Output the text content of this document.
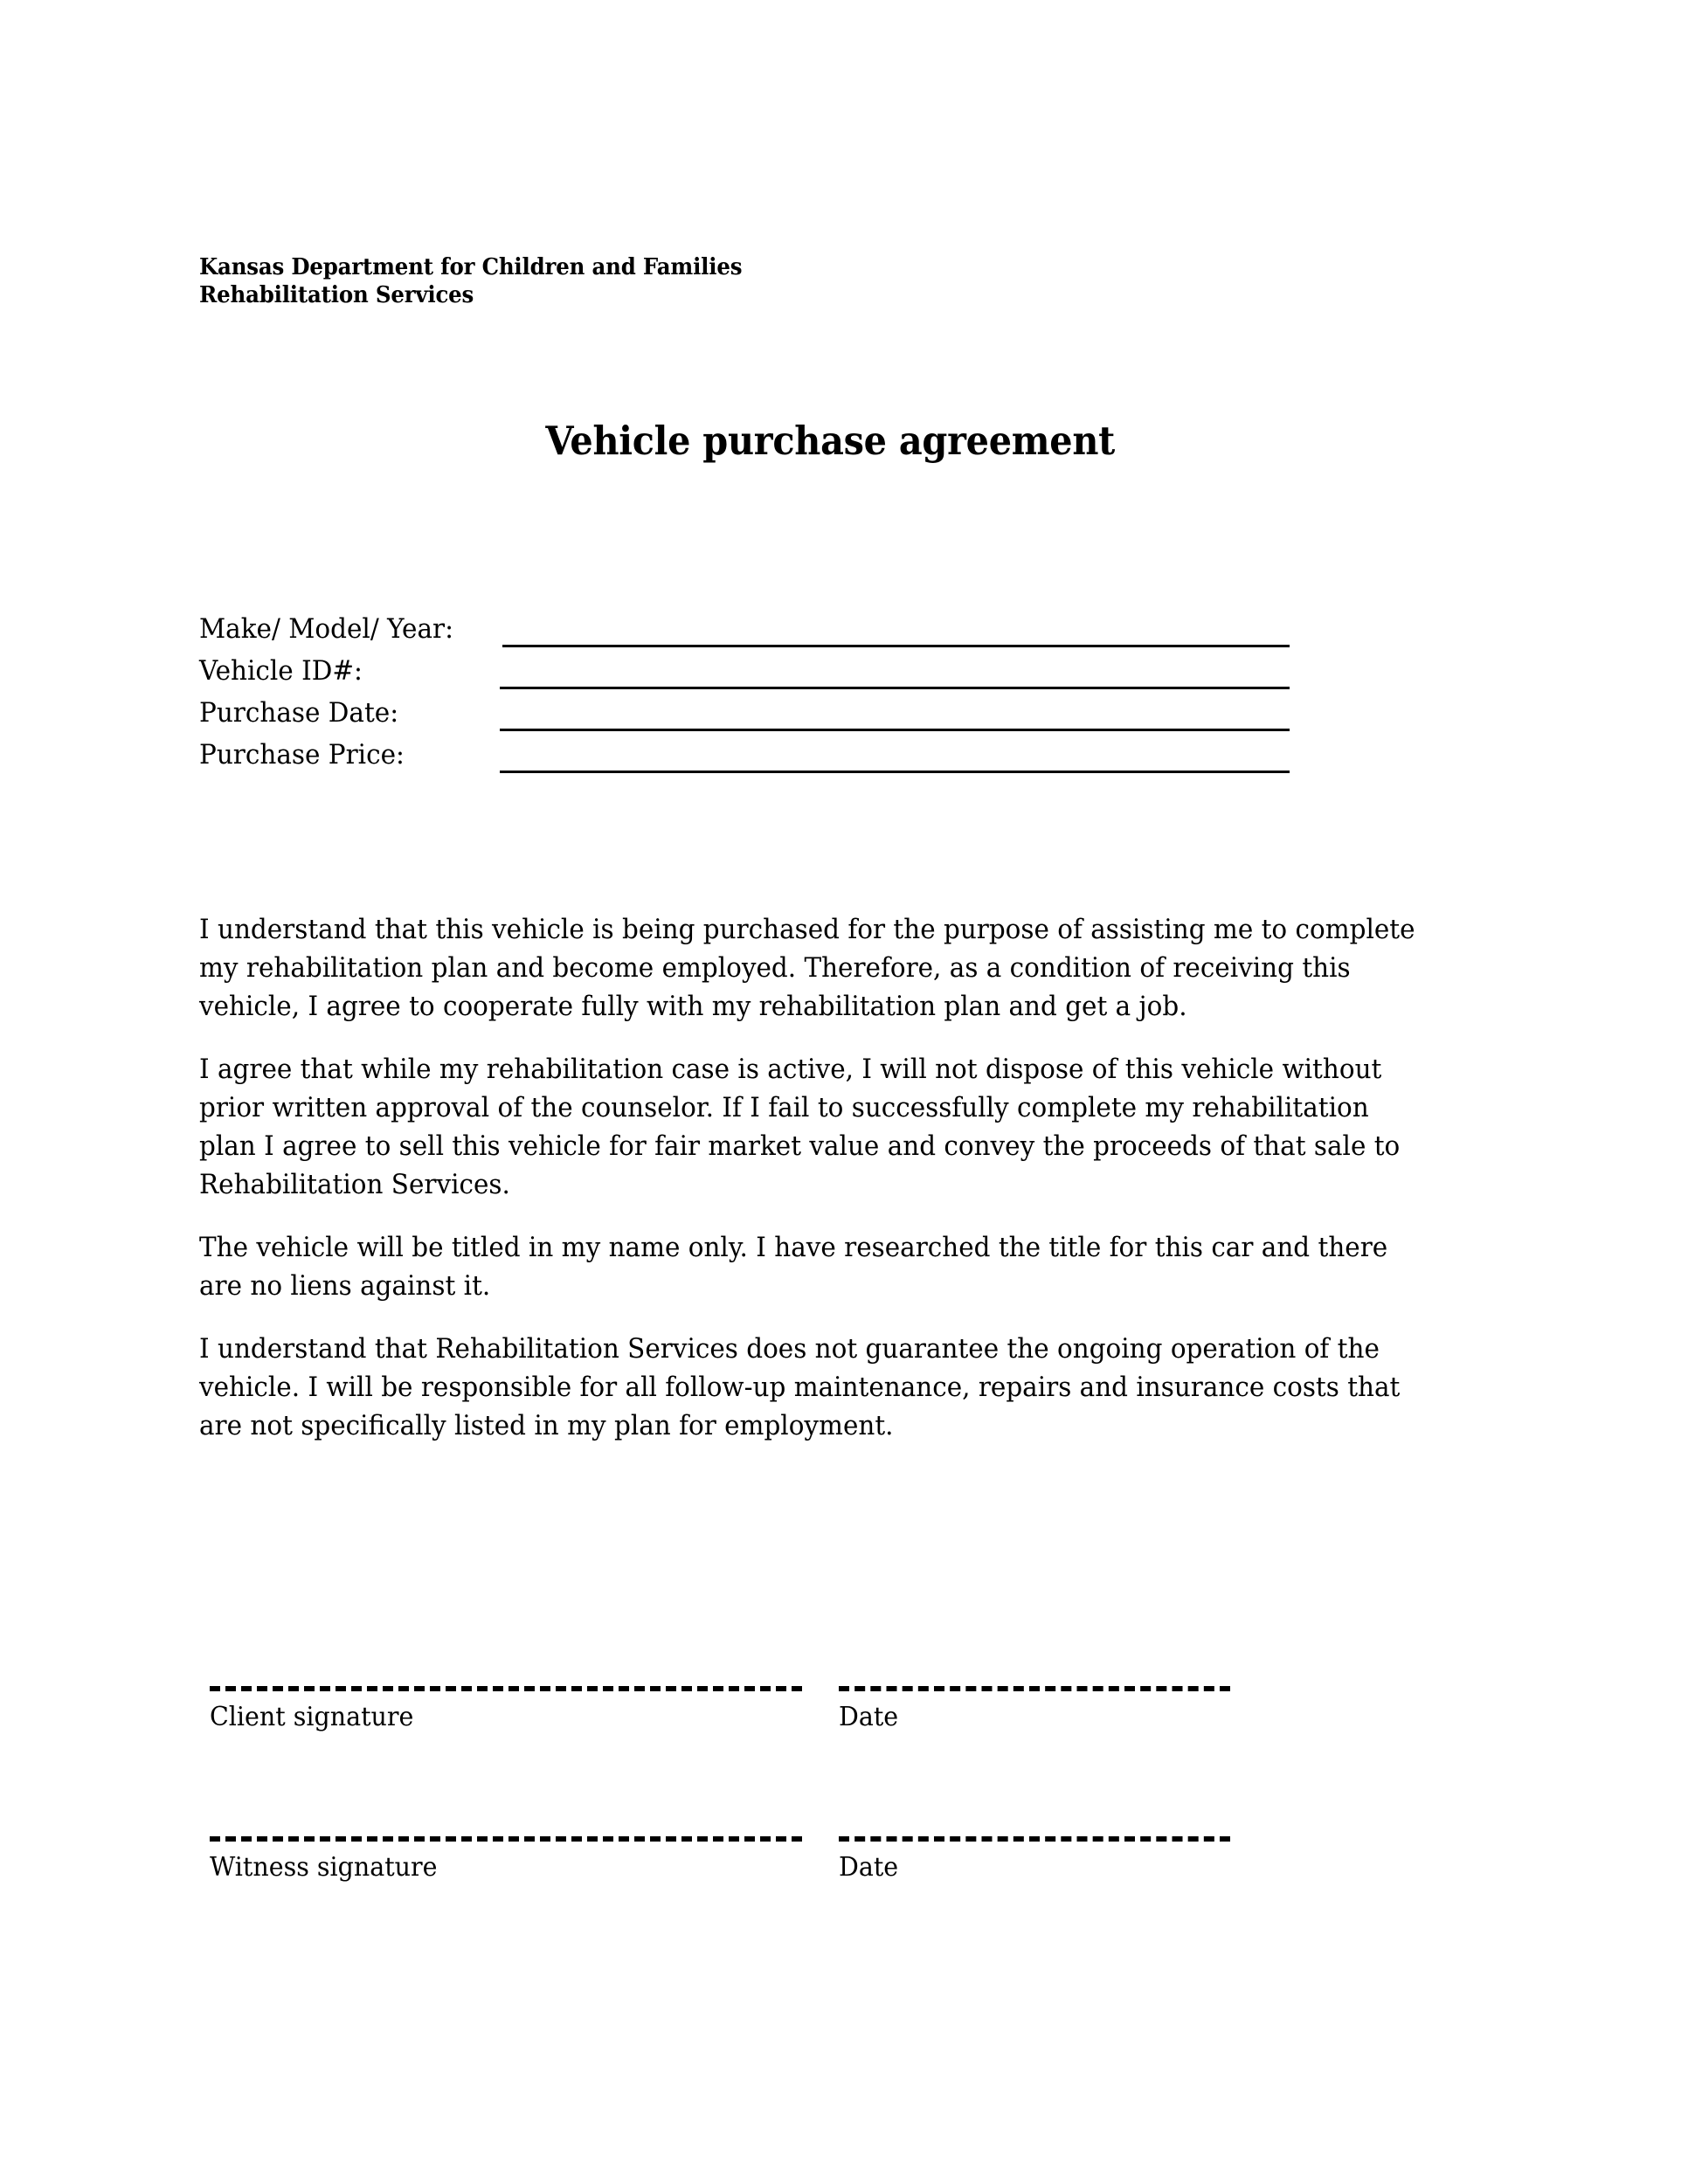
Kansas Department for Children and Families
Rehabilitation Services
Vehicle purchase agreement
Make/ Model/ Year:
Vehicle ID#:
Purchase Date:
Purchase Price:

I understand that this vehicle is being purchased for the purpose of assisting me to complete my rehabilitation plan and become employed. Therefore, as a condition of receiving this vehicle, I agree to cooperate fully with my rehabilitation plan and get a job.

I agree that while my rehabilitation case is active, I will not dispose of this vehicle without prior written approval of the counselor. If I fail to successfully complete my rehabilitation plan I agree to sell this vehicle for fair market value and convey the proceeds of that sale to Rehabilitation Services.

The vehicle will be titled in my name only. I have researched the title for this car and there are no liens against it.

I understand that Rehabilitation Services does not guarantee the ongoing operation of the vehicle. I will be responsible for all follow-up maintenance, repairs and insurance costs that are not specifically listed in my plan for employment.

Client signature	Date
Witness signature	Date
